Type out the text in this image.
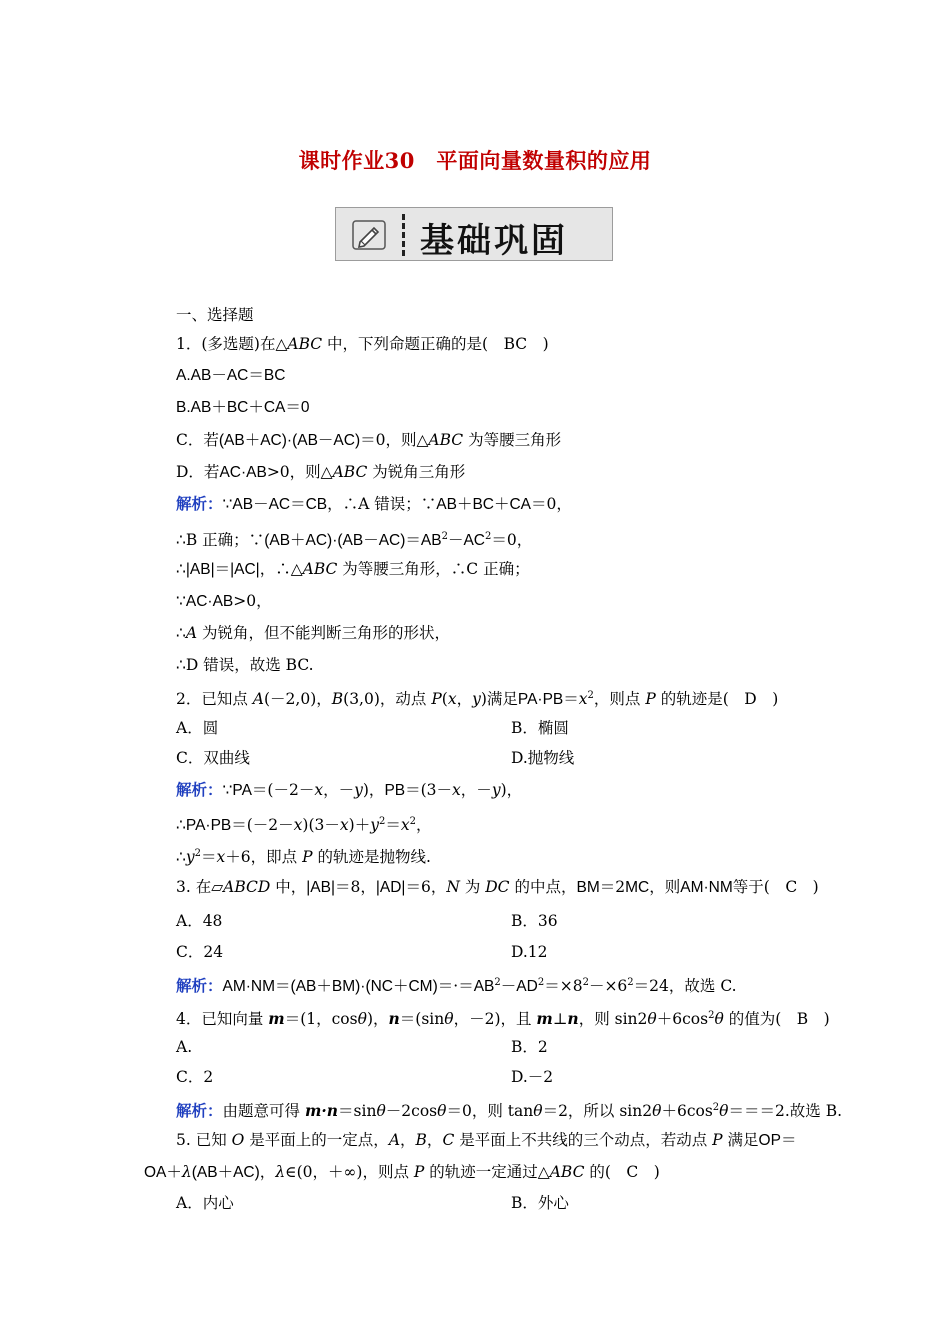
课时作业30　平面向量数量积的应用
基础巩固
一、选择题
1．(多选题)在△ABC 中，下列命题正确的是(　BC　)
A.AB－AC＝BC
B.AB＋BC＋CA＝0
C．若(AB＋AC)·(AB－AC)＝0，则△ABC 为等腰三角形
D．若AC·AB>0，则△ABC 为锐角三角形
解析：∵AB－AC＝CB，∴A 错误；∵AB＋BC＋CA＝0，
∴B 正确；$\because(AB+AC)\cdot(AB-AC)=AB^2-AC^2=0$，
∴|AB|＝|AC|，∴△ABC 为等腰三角形，∴C 正确；
∵AC·AB>0，
∴A 为锐角，但不能判断三角形的形状，
∴D 错误，故选 BC.
2．已知点 A(－2,0)，B(3,0)，动点 P(x，y)满足$PA\cdot PB=x^2$，则点 P 的轨迹是(　D　)
A．圆	B．椭圆
C．双曲线	D.抛物线
解析：∵PA＝(－2－x，－y)，PB＝(3－x，－y)，
$\therefore PA\cdot PB=(-2-x)(3-x)+y^2=x^2$，
$\therefore y^2=x+6$，即点 P 的轨迹是抛物线.
3. 在▱ABCD 中，|AB|＝8，|AD|＝6，N 为 DC 的中点，BM＝2MC，则AM·NM等于(　C　)
A．48	B．36
C．24	D.12
解析：$AM\cdot NM=(AB+BM)\cdot(NC+CM)=\cdot=AB^2-AD^2=\times 8^2-\times 6^2=24$，故选 C.
4．已知向量 m＝(1，cosθ)，n＝(sinθ，－2)，且 m⊥n，则 $\sin 2\theta+6\cos^2\theta$ 的值为(　B　)
A.	B．2
C．2	D.－2
解析：由题意可得 m·n＝sinθ－2cosθ＝0，则 tanθ＝2，所以 $\sin 2\theta+6\cos^2\theta===2$.故选 B.
5. 已知 O 是平面上的一定点，A，B，C 是平面上不共线的三个动点，若动点 P 满足OP＝
OA＋λ(AB＋AC)，λ∈(0，＋∞)，则点 P 的轨迹一定通过△ABC 的(　C　)
A．内心	B．外心
